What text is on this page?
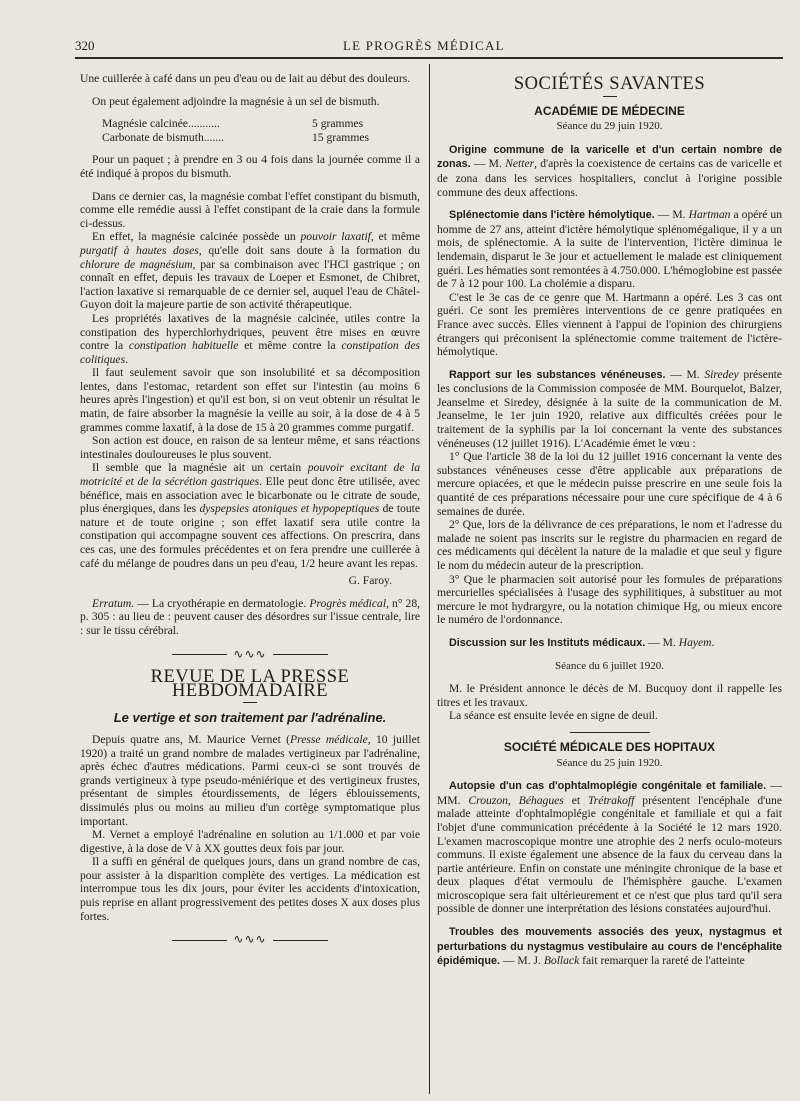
320	LE PROGRÈS MÉDICAL

Une cuillerée à café dans un peu d'eau ou de lait au début des douleurs.

On peut également adjoindre la magnésie à un sel de bismuth.

Magnésie calcinée...........	5 grammes
Carbonate de bismuth.......	15 grammes

Pour un paquet ; à prendre en 3 ou 4 fois dans la journée comme il a été indiqué à propos du bismuth.

Dans ce dernier cas, la magnésie combat l'effet constipant du bismuth, comme elle remédie aussi à l'effet constipant de la craie dans la formule ci-dessus.

En effet, la magnésie calcinée possède un pouvoir laxatif, et même purgatif à hautes doses, qu'elle doit sans doute à la formation du chlorure de magnésium, par sa combinaison avec l'HCl gastrique ; on connaît en effet, depuis les travaux de Loeper et Esmonet, de Chibret, l'action laxative si remarquable de ce dernier sel, auquel l'eau de Châtel-Guyon doit la majeure partie de son activité thérapeutique.

Les propriétés laxatives de la magnésie calcinée, utiles contre la constipation des hyperchlorhydriques, peuvent être mises en œuvre contre la constipation habituelle et même contre la constipation des colitiques.

Il faut seulement savoir que son insolubilité et sa décomposition lentes, dans l'estomac, retardent son effet sur l'intestin (au moins 6 heures après l'ingestion) et qu'il est bon, si on veut obtenir un résultat le matin, de faire absorber la magnésie la veille au soir, à la dose de 4 à 5 grammes comme laxatif, à la dose de 15 à 20 grammes comme purgatif.

Son action est douce, en raison de sa lenteur même, et sans réactions intestinales douloureuses le plus souvent.

Il semble que la magnésie ait un certain pouvoir excitant de la motricité et de la sécrétion gastriques. Elle peut donc être utilisée, avec bénéfice, mais en association avec le bicarbonate ou le citrate de soude, plus énergiques, dans les dyspepsies atoniques et hypopeptiques de toute nature et de toute origine ; son effet laxatif sera utile contre la constipation qui accompagne souvent ces affections. On prescrira, dans ces cas, une des formules précédentes et on fera prendre une cuillerée à café du mélange de poudres dans un peu d'eau, 1/2 heure avant les repas.

G. Faroy.

Erratum. — La cryothérapie en dermatologie. Progrès médical, n° 28, p. 305 : au lieu de : peuvent causer des désordres sur l'issue centrale, lire : sur le tissu cérébral.

∿∿∿
REVUE DE LA PRESSE HEBDOMADAIRE
Le vertige et son traitement par l'adrénaline.

Depuis quatre ans, M. Maurice Vernet (Presse médicale, 10 juillet 1920) a traité un grand nombre de malades vertigineux par l'adrénaline, après échec d'autres médications. Parmi ceux-ci se sont trouvés de grands vertigineux à type pseudo-méniérique et des vertigineux frustes, présentant de simples étourdissements, de légers éblouissements, dissimulés plus ou moins au milieu d'un cortège symptomatique plus important.

M. Vernet a employé l'adrénaline en solution au 1/1.000 et par voie digestive, à la dose de V à XX gouttes deux fois par jour.

Il a suffi en général de quelques jours, dans un grand nombre de cas, pour assister à la disparition complète des vertiges. La médication est interrompue tous les dix jours, pour éviter les accidents d'intoxication, puis reprise en allant progressivement des petites doses X aux doses plus fortes.

∿∿∿
SOCIÉTÉS SAVANTES
ACADÉMIE DE MÉDECINE
Séance du 29 juin 1920.

Origine commune de la varicelle et d'un certain nombre de zonas. — M. Netter, d'après la coexistence de certains cas de varicelle et de zona dans les services hospitaliers, conclut à l'origine possible commune des deux affections.

Splénectomie dans l'ictère hémolytique. — M. Hartman a opéré un homme de 27 ans, atteint d'ictère hémolytique splénomégalique, il y a un mois, de splénectomie. A la suite de l'intervention, l'ictère diminua le lendemain, disparut le 3e jour et actuellement le malade est cliniquement guéri. Les hématies sont remontées à 4.750.000. L'hémoglobine est passée de 7 à 12 pour 100. La cholémie a disparu.

C'est le 3e cas de ce genre que M. Hartmann a opéré. Les 3 cas ont guéri. Ce sont les premières interventions de ce genre pratiquées en France avec succès. Elles viennent à l'appui de l'opinion des chirurgiens étrangers qui préconisent la splénectomie comme traitement de l'ictère-hémolytique.

Rapport sur les substances vénéneuses. — M. Siredey présente les conclusions de la Commission composée de MM. Bourquelot, Balzer, Jeanselme et Siredey, désignée à la suite de la communication de M. Jeanselme, le 1er juin 1920, relative aux difficultés créées pour le traitement de la syphilis par la loi concernant la vente des substances vénéneuses (12 juillet 1916). L'Académie émet le vœu :

1° Que l'article 38 de la loi du 12 juillet 1916 concernant la vente des substances vénéneuses cesse d'être applicable aux préparations de mercure opiacées, et que le médecin puisse prescrire en une seule fois la quantité de ces préparations nécessaire pour une cure spécifique de 4 à 6 semaines de durée.

2° Que, lors de la délivrance de ces préparations, le nom et l'adresse du malade ne soient pas inscrits sur le registre du pharmacien en regard de ces médicaments qui décèlent la nature de la maladie et que seul y figure le nom du médecin auteur de la prescription.

3° Que le pharmacien soit autorisé pour les formules de préparations mercurielles spécialisées à l'usage des syphilitiques, à substituer au mot mercure le mot hydrargyre, ou la notation chimique Hg, ou mieux encore le numéro de l'ordonnance.

Discussion sur les Instituts médicaux. — M. Hayem.

Séance du 6 juillet 1920.

M. le Président annonce le décès de M. Bucquoy dont il rappelle les titres et les travaux.

La séance est ensuite levée en signe de deuil.

SOCIÉTÉ MÉDICALE DES HOPITAUX
Séance du 25 juin 1920.

Autopsie d'un cas d'ophtalmoplégie congénitale et familiale. — MM. Crouzon, Béhagues et Trétrakoff présentent l'encéphale d'une malade atteinte d'ophtalmoplégie congénitale et familiale et qui a fait l'objet d'une communication précédente à la Société le 12 mars 1920. L'examen macroscopique montre une atrophie des 2 nerfs oculo-moteurs communs. Il existe également une absence de la faux du cerveau dans la partie antérieure. Enfin on constate une méningite chronique de la base et deux plaques d'état vermoulu de l'hémisphère gauche. L'examen microscopique sera fait ultérieurement et ce n'est que plus tard qu'il sera possible de donner une interprétation des lésions constatées aujourd'hui.

Troubles des mouvements associés des yeux, nystagmus et perturbations du nystagmus vestibulaire au cours de l'encéphalite épidémique. — M. J. Bollack fait remarquer la rareté de l'atteinte
